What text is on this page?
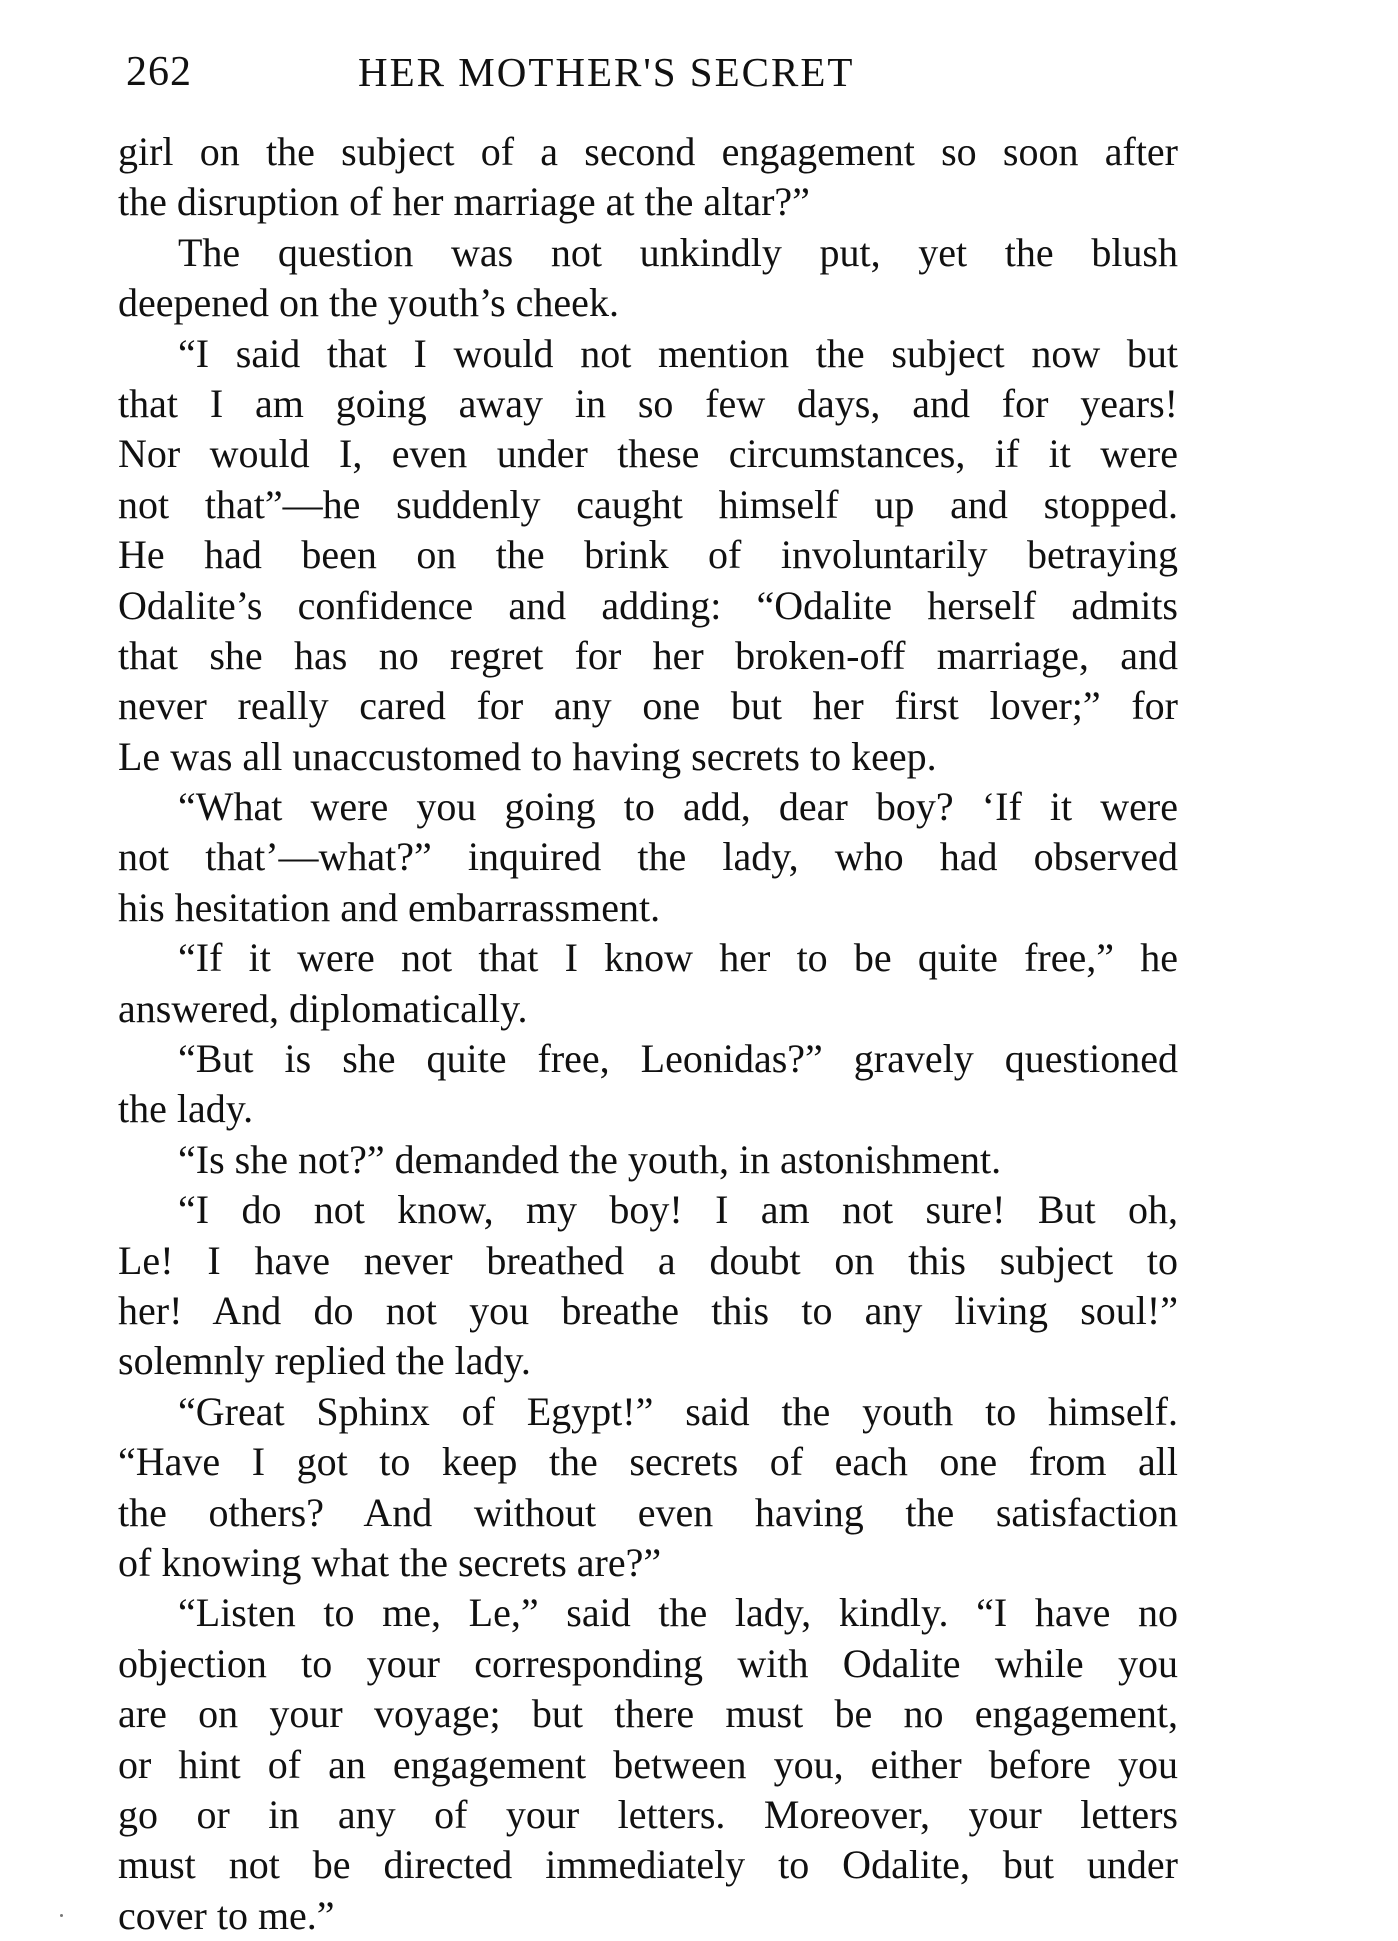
262	HER MOTHER'S SECRET
girl on the subject of a second engagement so soon after
the disruption of her marriage at the altar?”
The question was not unkindly put, yet the blush
deepened on the youth’s cheek.
“I said that I would not mention the subject now but
that I am going away in so few days, and for years!
Nor would I, even under these circumstances, if it were
not that”—he suddenly caught himself up and stopped.
He had been on the brink of involuntarily betraying
Odalite’s confidence and adding: “Odalite herself admits
that she has no regret for her broken-off marriage, and
never really cared for any one but her first lover;” for
Le was all unaccustomed to having secrets to keep.
“What were you going to add, dear boy? ‘If it were
not that’—what?” inquired the lady, who had observed
his hesitation and embarrassment.
“If it were not that I know her to be quite free,” he
answered, diplomatically.
“But is she quite free, Leonidas?” gravely questioned
the lady.
“Is she not?” demanded the youth, in astonishment.
“I do not know, my boy! I am not sure! But oh,
Le! I have never breathed a doubt on this subject to
her! And do not you breathe this to any living soul!”
solemnly replied the lady.
“Great Sphinx of Egypt!” said the youth to himself.
“Have I got to keep the secrets of each one from all
the others? And without even having the satisfaction
of knowing what the secrets are?”
“Listen to me, Le,” said the lady, kindly. “I have no
objection to your corresponding with Odalite while you
are on your voyage; but there must be no engagement,
or hint of an engagement between you, either before you
go or in any of your letters. Moreover, your letters
must not be directed immediately to Odalite, but under
cover to me.”
